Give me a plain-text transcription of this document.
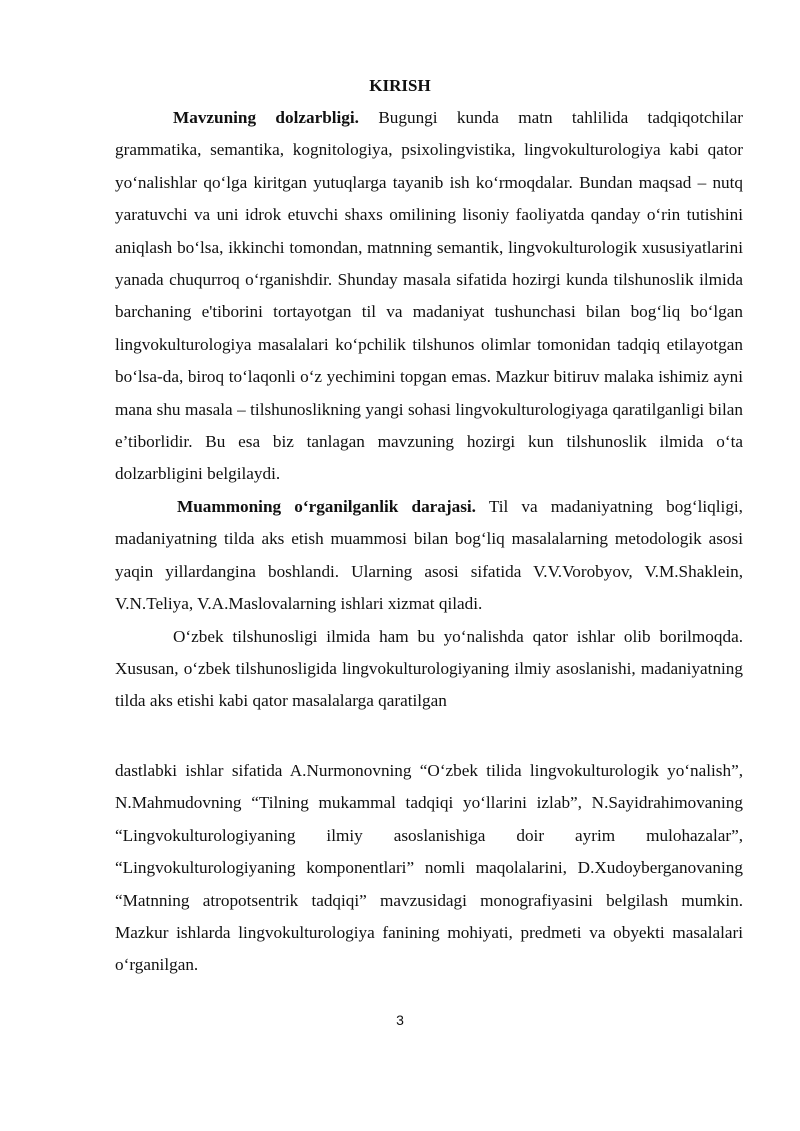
KIRISH

Mavzuning dolzarbligi. Bugungi kunda matn tahlilida tadqiqotchilar grammatika, semantika, kognitologiya, psixolingvistika, lingvokulturologiya kabi qator yo‘nalishlar qo‘lga kiritgan yutuqlarga tayanib ish ko‘rmoqdalar. Bundan maqsad – nutq yaratuvchi va uni idrok etuvchi shaxs omilining lisoniy faoliyatda qanday o‘rin tutishini aniqlash bo‘lsa, ikkinchi tomondan, matnning semantik, lingvokulturologik xususiyatlarini yanada chuqurroq o‘rganishdir. Shunday masala sifatida hozirgi kunda tilshunoslik ilmida barchaning e'tiborini tortayotgan til va madaniyat tushunchasi bilan bog‘liq bo‘lgan lingvokulturologiya masalalari ko‘pchilik tilshunos olimlar tomonidan tadqiq etilayotgan bo‘lsa-da, biroq to‘laqonli o‘z yechimini topgan emas. Mazkur bitiruv malaka ishimiz ayni mana shu masala – tilshunoslikning yangi sohasi lingvokulturologiyaga qaratilganligi bilan e’tiborlidir. Bu esa biz tanlagan mavzuning hozirgi kun tilshunoslik ilmida o‘ta dolzarbligini belgilaydi.

Muammoning o‘rganilganlik darajasi. Til va madaniyatning bog‘liqligi, madaniyatning tilda aks etish muammosi bilan bog‘liq masalalarning metodologik asosi yaqin yillardangina boshlandi. Ularning asosi sifatida V.V.Vorobyov, V.M.Shaklein, V.N.Teliya, V.A.Maslovalarning ishlari xizmat qiladi.

O‘zbek tilshunosligi ilmida ham bu yo‘nalishda qator ishlar olib borilmoqda. Xususan, o‘zbek tilshunosligida lingvokulturologiyaning ilmiy asoslanishi, madaniyatning tilda aks etishi kabi qator masalalarga qaratilgan

dastlabki ishlar sifatida A.Nurmonovning “O‘zbek tilida lingvokulturologik yo‘nalish”, N.Mahmudovning “Tilning mukammal tadqiqi yo‘llarini izlab”, N.Sayidrahimovaning “Lingvokulturologiyaning ilmiy asoslanishiga doir ayrim mulohazalar”, “Lingvokulturologiyaning komponentlari” nomli maqolalarini, D.Xudoyberganovaning “Matnning atropotsentrik tadqiqi” mavzusidagi monografiyasini belgilash mumkin. Mazkur ishlarda lingvokulturologiya fanining mohiyati, predmeti va obyekti masalalari o‘rganilgan.

3
